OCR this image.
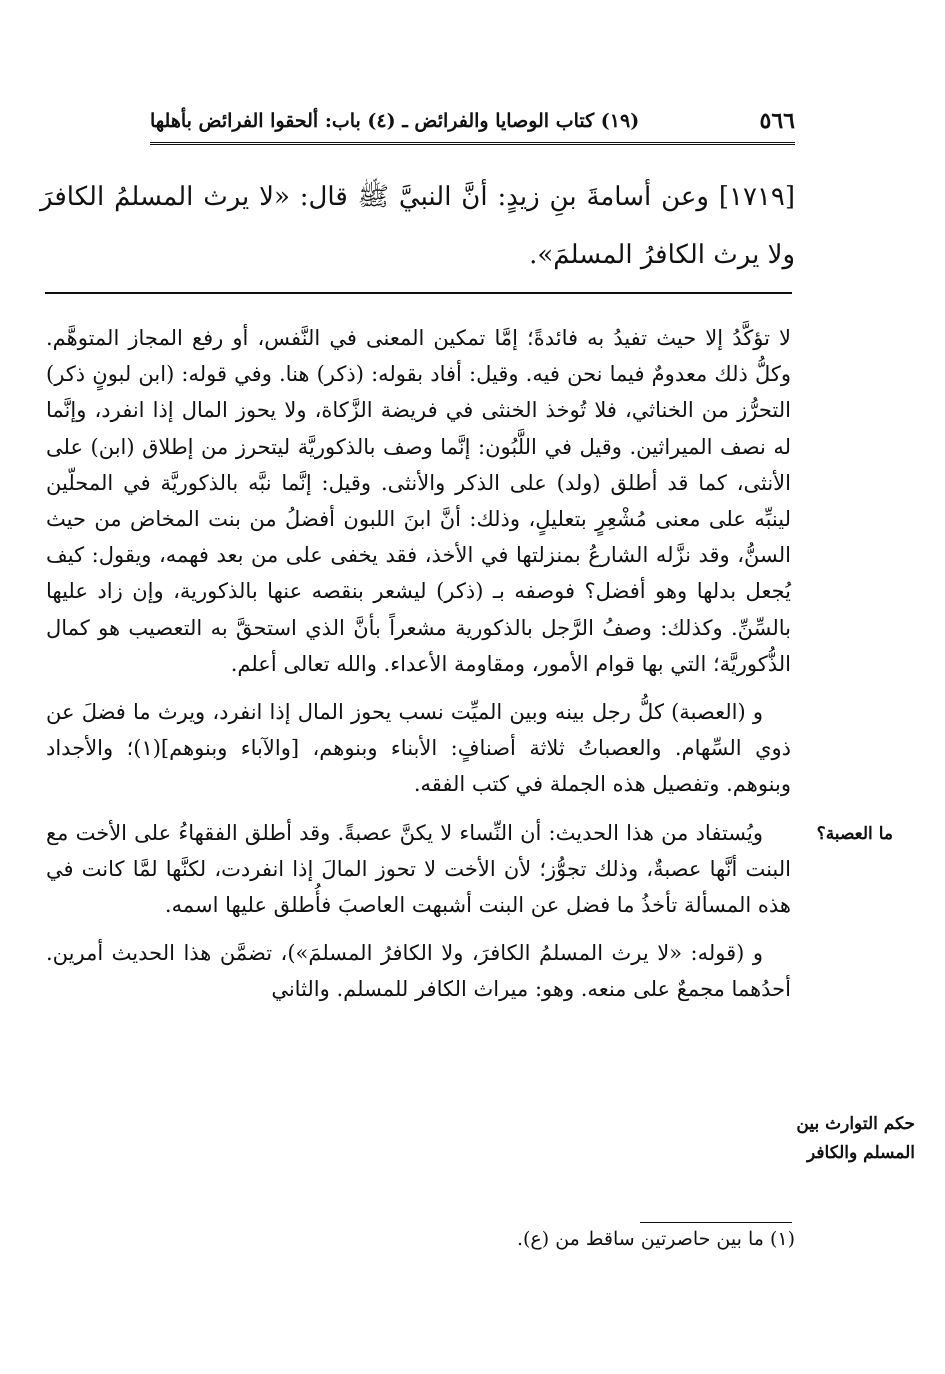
٥٦٦
(١٩) كتاب الوصايا والفرائض ـ (٤) باب: ألحقوا الفرائض بأهلها
[١٧١٩] وعن أسامةَ بنِ زيدٍ: أنَّ النبيَّ ﷺ قال: «لا يرث المسلمُ الكافرَ ولا يرث الكافرُ المسلمَ».

لا تؤكَّدُ إلا حيث تفيدُ به فائدةً؛ إمَّا تمكين المعنى في النَّفس، أو رفع المجاز المتوهَّم. وكلُّ ذلك معدومٌ فيما نحن فيه. وقيل: أفاد بقوله: (ذكر) هنا. وفي قوله: (ابن لبونٍ ذكر) التحرُّز من الخناثي، فلا تُوخذ الخنثى في فريضة الزَّكاة، ولا يحوز المال إذا انفرد، وإنَّما له نصف الميراثين. وقيل في اللَّبُون: إنَّما وصف بالذكوريَّة ليتحرز من إطلاق (ابن) على الأنثى، كما قد أطلق (ولد) على الذكر والأنثى. وقيل: إنَّما نبَّه بالذكوريَّة في المحلّين لينبِّه على معنى مُشْعِرٍ بتعليلٍ، وذلك: أنَّ ابنَ اللبون أفضلُ من بنت المخاض من حيث السنُّ، وقد نزَّله الشارعُ بمنزلتها في الأخذ، فقد يخفى على من بعد فهمه، ويقول: كيف يُجعل بدلها وهو أفضل؟ فوصفه بـ (ذكر) ليشعر بنقصه عنها بالذكورية، وإن زاد عليها بالسِّنِّ. وكذلك: وصفُ الرَّجل بالذكورية مشعراً بأنَّ الذي استحقَّ به التعصيب هو كمال الذُّكوريَّة؛ التي بها قوام الأمور، ومقاومة الأعداء. والله تعالى أعلم.

و (العصبة) كلُّ رجل بينه وبين الميِّت نسب يحوز المال إذا انفرد، ويرث ما فضلَ عن ذوي السِّهام. والعصباتُ ثلاثة أصنافٍ: الأبناء وبنوهم، [والآباء وبنوهم](١)؛ والأجداد وبنوهم. وتفصيل هذه الجملة في كتب الفقه.

ويُستفاد من هذا الحديث: أن النِّساء لا يكنَّ عصبةً. وقد أطلق الفقهاءُ على الأخت مع البنت أنَّها عصبةٌ، وذلك تجوُّز؛ لأن الأخت لا تحوز المالَ إذا انفردت، لكنَّها لمَّا كانت في هذه المسألة تأخذُ ما فضل عن البنت أشبهت العاصبَ فأُطلق عليها اسمه.

و (قوله: «لا يرث المسلمُ الكافرَ، ولا الكافرُ المسلمَ»)، تضمَّن هذا الحديث أمرين. أحدُهما مجمعٌ على منعه. وهو: ميراث الكافر للمسلم. والثاني

ما العصبة؟
حكم التوارث بين المسلم والكافر
(١) ما بين حاصرتين ساقط من (ع).
